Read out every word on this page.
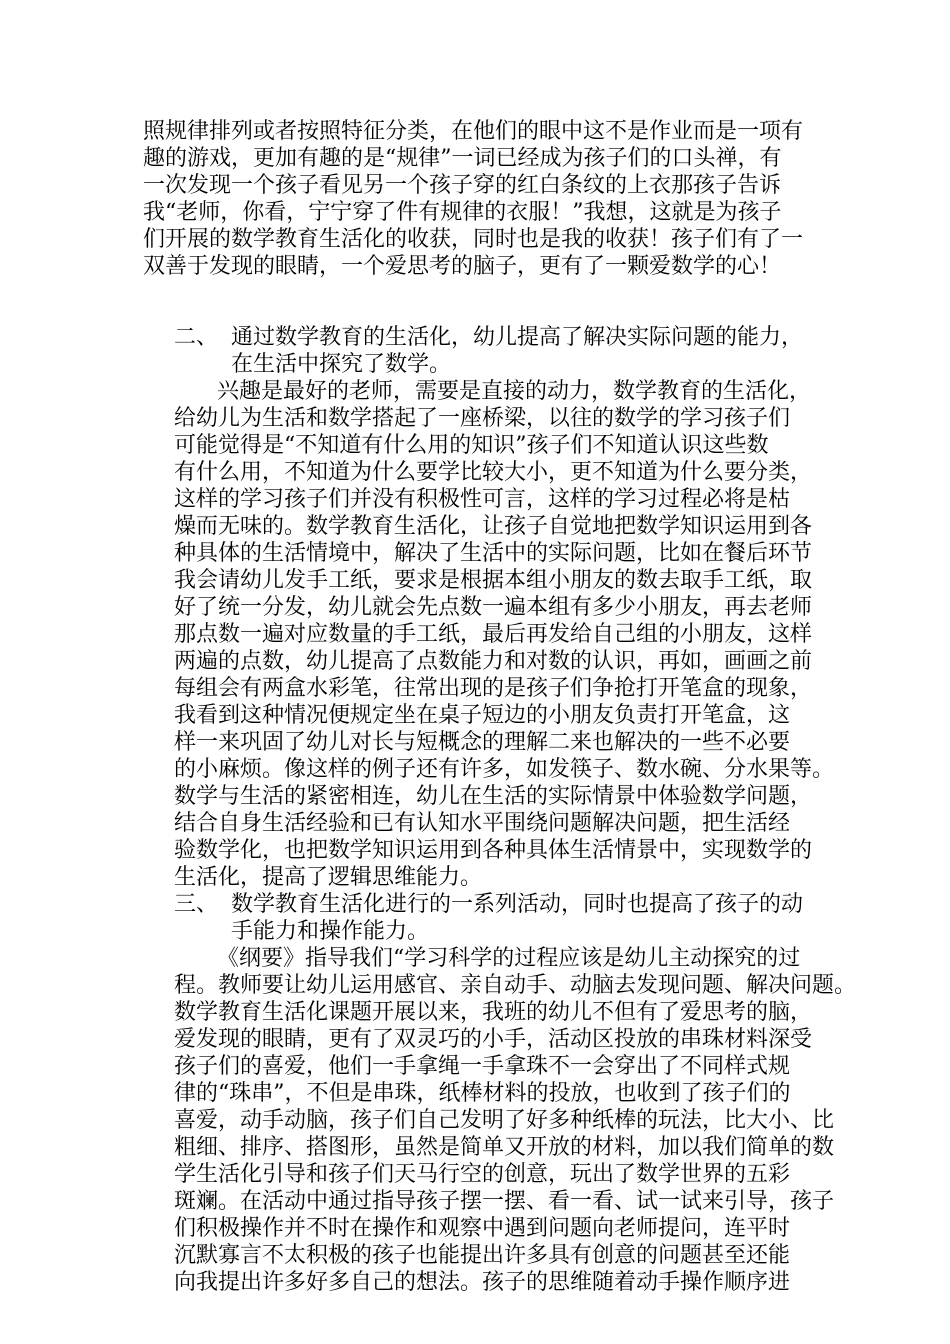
照规律排列或者按照特征分类，在他们的眼中这不是作业而是一项有
趣的游戏，更加有趣的是“规律”一词已经成为孩子们的口头禅，有
一次发现一个孩子看见另一个孩子穿的红白条纹的上衣那孩子告诉
我“老师，你看，宁宁穿了件有规律的衣服！”我想，这就是为孩子
们开展的数学教育生活化的收获，同时也是我的收获！孩子们有了一
双善于发现的眼睛，一个爱思考的脑子，更有了一颗爱数学的心！
二、 通过数学教育的生活化，幼儿提高了解决实际问题的能力，
在生活中探究了数学。
兴趣是最好的老师，需要是直接的动力，数学教育的生活化，
给幼儿为生活和数学搭起了一座桥梁，以往的数学的学习孩子们
可能觉得是“不知道有什么用的知识”孩子们不知道认识这些数
有什么用，不知道为什么要学比较大小，更不知道为什么要分类，
这样的学习孩子们并没有积极性可言，这样的学习过程必将是枯
燥而无味的。数学教育生活化，让孩子自觉地把数学知识运用到各
种具体的生活情境中，解决了生活中的实际问题，比如在餐后环节
我会请幼儿发手工纸，要求是根据本组小朋友的数去取手工纸，取
好了统一分发，幼儿就会先点数一遍本组有多少小朋友，再去老师
那点数一遍对应数量的手工纸，最后再发给自己组的小朋友，这样
两遍的点数，幼儿提高了点数能力和对数的认识，再如，画画之前
每组会有两盒水彩笔，往常出现的是孩子们争抢打开笔盒的现象，
我看到这种情况便规定坐在桌子短边的小朋友负责打开笔盒，这
样一来巩固了幼儿对长与短概念的理解二来也解决的一些不必要
的小麻烦。像这样的例子还有许多，如发筷子、数水碗、分水果等。
数学与生活的紧密相连，幼儿在生活的实际情景中体验数学问题，
结合自身生活经验和已有认知水平围绕问题解决问题，把生活经
验数学化，也把数学知识运用到各种具体生活情景中，实现数学的
生活化，提高了逻辑思维能力。
三、 数学教育生活化进行的一系列活动，同时也提高了孩子的动
手能力和操作能力。
《纲要》指导我们“学习科学的过程应该是幼儿主动探究的过
程。教师要让幼儿运用感官、亲自动手、动脑去发现问题、解决问题。
数学教育生活化课题开展以来，我班的幼儿不但有了爱思考的脑，
爱发现的眼睛，更有了双灵巧的小手，活动区投放的串珠材料深受
孩子们的喜爱，他们一手拿绳一手拿珠不一会穿出了不同样式规
律的“珠串”，不但是串珠，纸棒材料的投放，也收到了孩子们的
喜爱，动手动脑，孩子们自己发明了好多种纸棒的玩法，比大小、比
粗细、排序、搭图形，虽然是简单又开放的材料，加以我们简单的数
学生活化引导和孩子们天马行空的创意，玩出了数学世界的五彩
斑斓。在活动中通过指导孩子摆一摆、看一看、试一试来引导，孩子
们积极操作并不时在操作和观察中遇到问题向老师提问，连平时
沉默寡言不太积极的孩子也能提出许多具有创意的问题甚至还能
向我提出许多好多自己的想法。孩子的思维随着动手操作顺序进
